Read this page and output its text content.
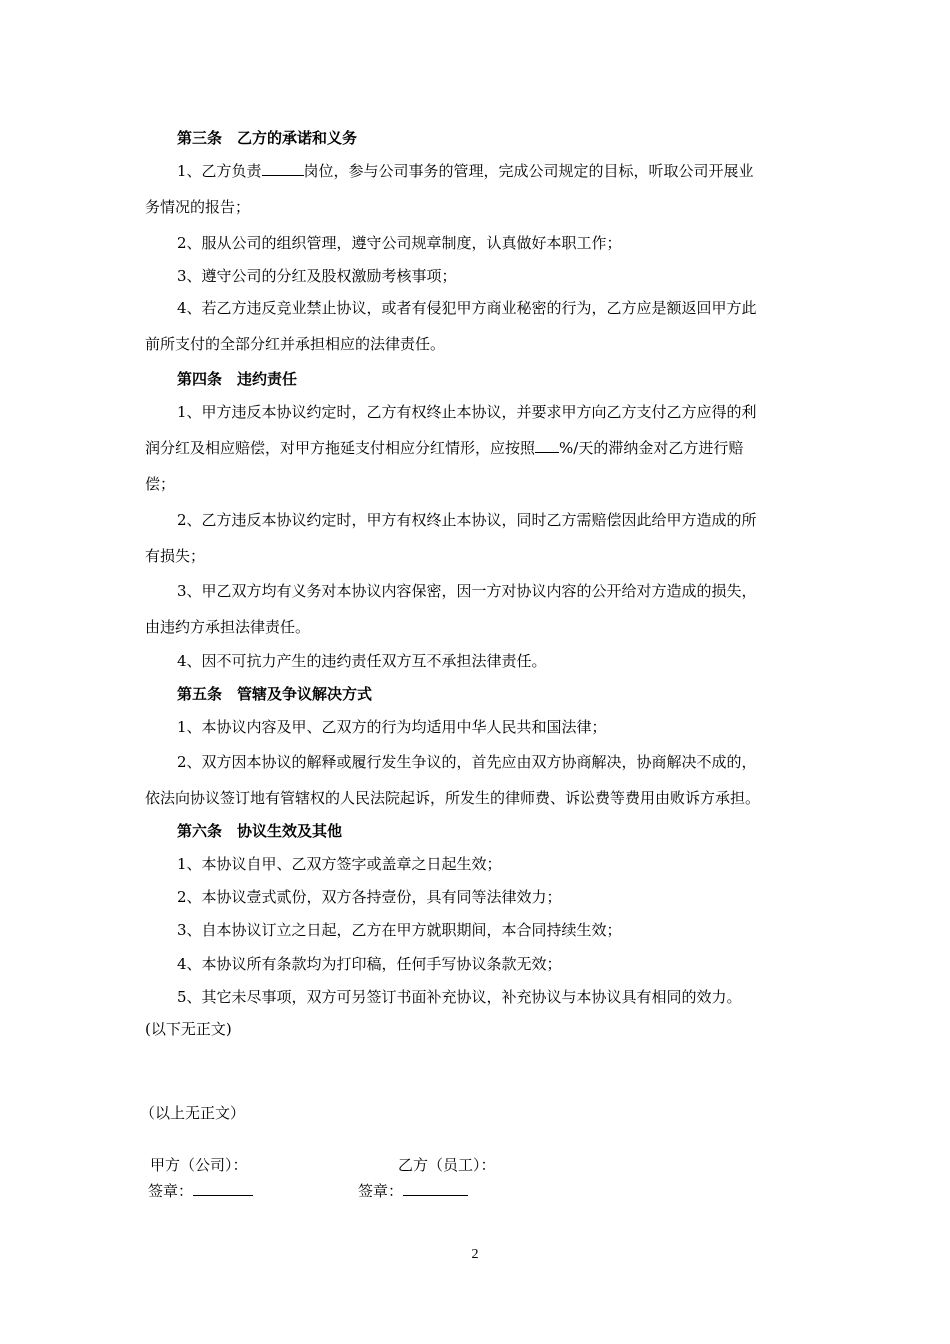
第三条　乙方的承诺和义务
1、乙方负责	岗位，参与公司事务的管理，完成公司规定的目标，听取公司开展业
务情况的报告；
2、服从公司的组织管理，遵守公司规章制度，认真做好本职工作；
3、遵守公司的分红及股权激励考核事项；
4、若乙方违反竞业禁止协议，或者有侵犯甲方商业秘密的行为，乙方应是额返回甲方此
前所支付的全部分红并承担相应的法律责任。
第四条　违约责任
1、甲方违反本协议约定时，乙方有权终止本协议，并要求甲方向乙方支付乙方应得的利
润分红及相应赔偿，对甲方拖延支付相应分红情形，应按照 %/天的滞纳金对乙方进行赔
偿；
2、乙方违反本协议约定时，甲方有权终止本协议，同时乙方需赔偿因此给甲方造成的所
有损失；
3、甲乙双方均有义务对本协议内容保密，因一方对协议内容的公开给对方造成的损失，
由违约方承担法律责任。
4、因不可抗力产生的违约责任双方互不承担法律责任。
第五条　管辖及争议解决方式
1、本协议内容及甲、乙双方的行为均适用中华人民共和国法律；
2、双方因本协议的解释或履行发生争议的，首先应由双方协商解决，协商解决不成的，
依法向协议签订地有管辖权的人民法院起诉，所发生的律师费、诉讼费等费用由败诉方承担。
第六条　协议生效及其他
1、本协议自甲、乙双方签字或盖章之日起生效；
2、本协议壹式贰份，双方各持壹份，具有同等法律效力；
3、自本协议订立之日起，乙方在甲方就职期间，本合同持续生效；
4、本协议所有条款均为打印稿，任何手写协议条款无效；
5、其它未尽事项，双方可另签订书面补充协议，补充协议与本协议具有相同的效力。
(以下无正文)
（以上无正文）
甲方（公司）：	乙方（员工）：
签章：	签章：
2
